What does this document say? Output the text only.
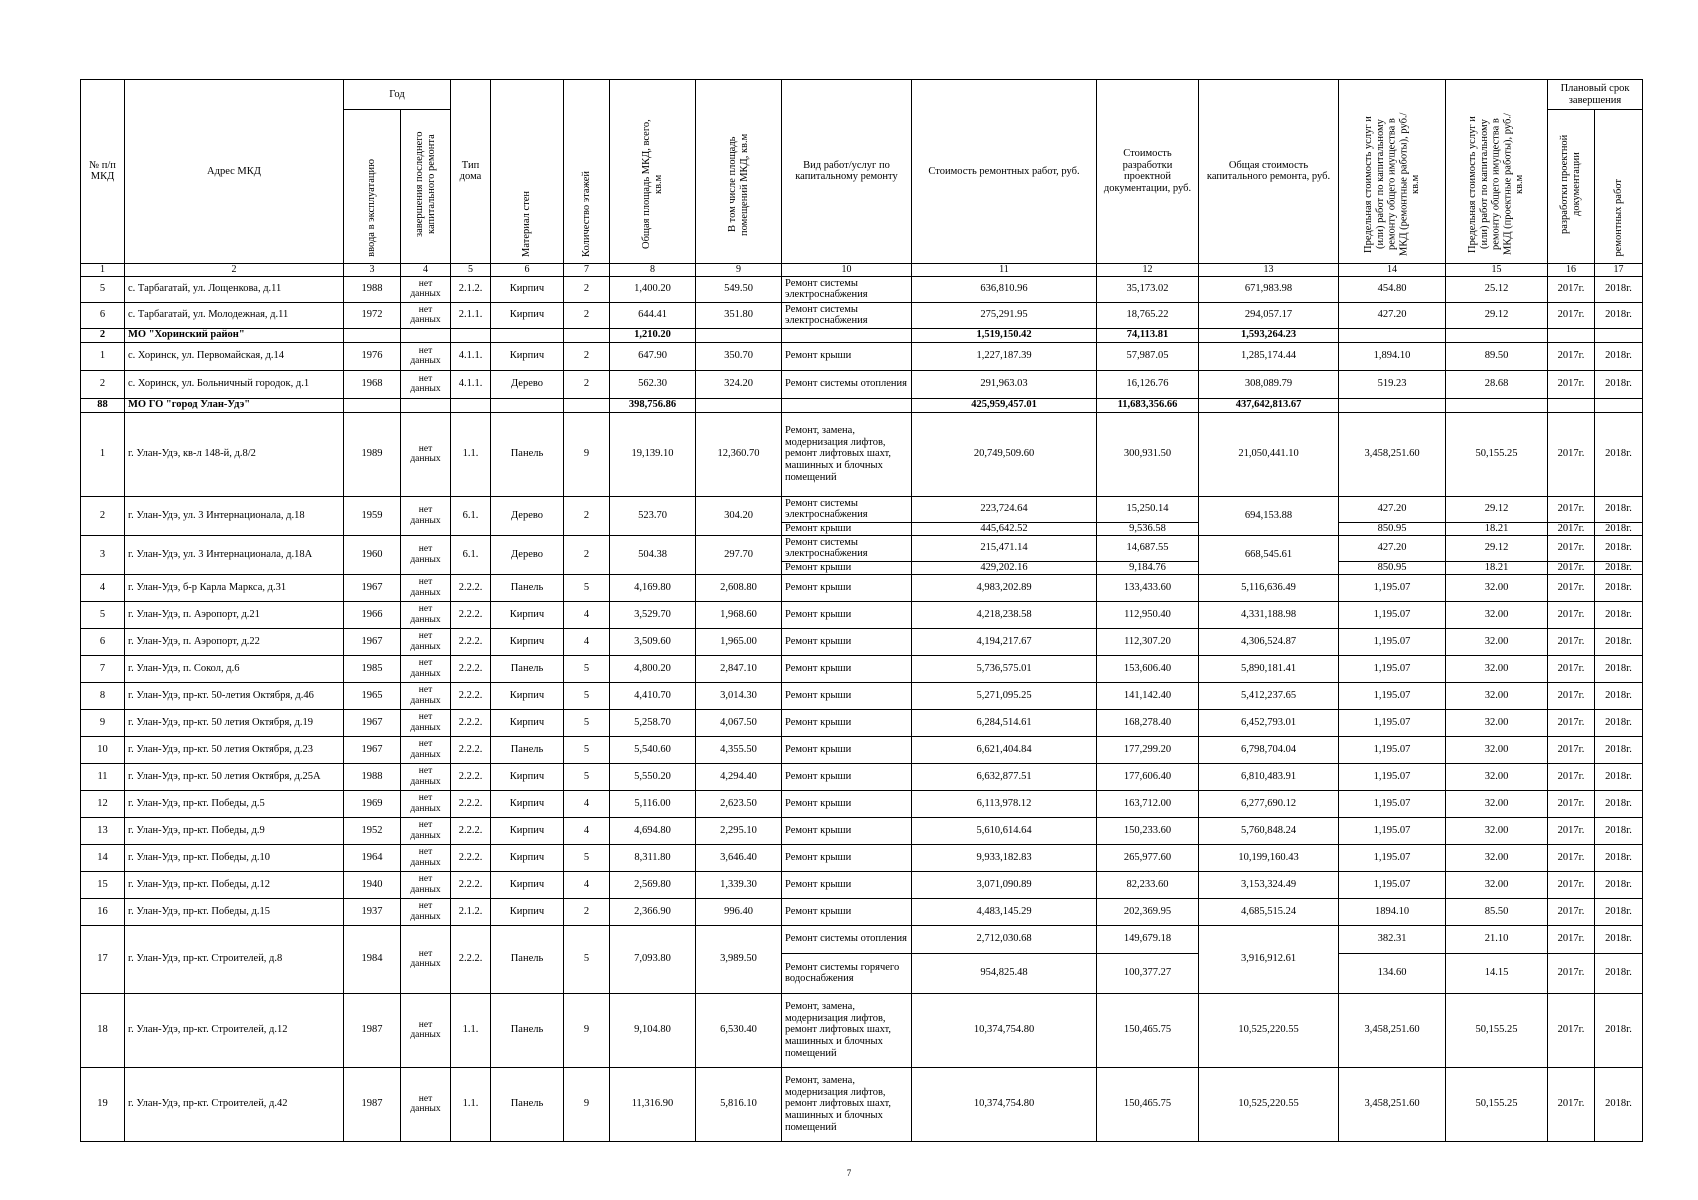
№ п/п МКД	Адрес МКД	Год		Тип дома	Материал стен	Количество этажей	Общая площадь МКД, всего, кв.м	В том числе площадь помещений МКД, кв.м	Вид работ/услуг по капитальному ремонту	Стоимость ремонтных работ, руб.	Стоимость разработки проектной документации, руб.	Общая стоимость капитального ремонта, руб.	Предельная стоимость услуг и (или) работ по капитальному ремонту общего имущества в МКД (ремонтные работы), руб./кв.м	Предельная стоимость услуг и (или) работ по капитальному ремонту общего имущества в МКД (проектные работы), руб./кв.м	Плановый срок завершения	
		ввода в эксплуатацию	завершения последнего капитального ремонта												разработки проектной документации	ремонтных работ
1	2	3	4	5	6	7	8	9	10	11	12	13	14	15	16	17
5	с. Тарбагатай, ул. Лощенкова, д.11	1988	нет данных	2.1.2.	Кирпич	2	1,400.20	549.50	Ремонт системы электроснабжения	636,810.96	35,173.02	671,983.98	454.80	25.12	2017г.	2018г.
6	с. Тарбагатай, ул. Молодежная, д.11	1972	нет данных	2.1.1.	Кирпич	2	644.41	351.80	Ремонт системы электроснабжения	275,291.95	18,765.22	294,057.17	427.20	29.12	2017г.	2018г.
2	МО "Хоринский район"						1,210.20			1,519,150.42	74,113.81	1,593,264.23				
1	с. Хоринск, ул. Первомайская, д.14	1976	нет данных	4.1.1.	Кирпич	2	647.90	350.70	Ремонт крыши	1,227,187.39	57,987.05	1,285,174.44	1,894.10	89.50	2017г.	2018г.
2	с. Хоринск, ул. Больничный городок, д.1	1968	нет данных	4.1.1.	Дерево	2	562.30	324.20	Ремонт системы отопления	291,963.03	16,126.76	308,089.79	519.23	28.68	2017г.	2018г.
88	МО ГО "город Улан-Удэ"						398,756.86			425,959,457.01	11,683,356.66	437,642,813.67				
1	г. Улан-Удэ, кв-л 148-й, д.8/2	1989	нет данных	1.1.	Панель	9	19,139.10	12,360.70	Ремонт, замена, модернизация лифтов, ремонт лифтовых шахт, машинных и блочных помещений	20,749,509.60	300,931.50	21,050,441.10	3,458,251.60	50,155.25	2017г.	2018г.
2	г. Улан-Удэ, ул. 3 Интернационала, д.18	1959	нет данных	6.1.	Дерево	2	523.70	304.20	Ремонт системы электроснабжения	223,724.64	15,250.14	694,153.88	427.20	29.12	2017г.	2018г.
									Ремонт крыши	445,642.52	9,536.58		850.95	18.21	2017г.	2018г.
3	г. Улан-Удэ, ул. 3 Интернационала, д.18А	1960	нет данных	6.1.	Дерево	2	504.38	297.70	Ремонт системы электроснабжения	215,471.14	14,687.55	668,545.61	427.20	29.12	2017г.	2018г.
									Ремонт крыши	429,202.16	9,184.76		850.95	18.21	2017г.	2018г.
4	г. Улан-Удэ, б-р Карла Маркса, д.31	1967	нет данных	2.2.2.	Панель	5	4,169.80	2,608.80	Ремонт крыши	4,983,202.89	133,433.60	5,116,636.49	1,195.07	32.00	2017г.	2018г.
5	г. Улан-Удэ, п. Аэропорт, д.21	1966	нет данных	2.2.2.	Кирпич	4	3,529.70	1,968.60	Ремонт крыши	4,218,238.58	112,950.40	4,331,188.98	1,195.07	32.00	2017г.	2018г.
6	г. Улан-Удэ, п. Аэропорт, д.22	1967	нет данных	2.2.2.	Кирпич	4	3,509.60	1,965.00	Ремонт крыши	4,194,217.67	112,307.20	4,306,524.87	1,195.07	32.00	2017г.	2018г.
7	г. Улан-Удэ, п. Сокол, д.6	1985	нет данных	2.2.2.	Панель	5	4,800.20	2,847.10	Ремонт крыши	5,736,575.01	153,606.40	5,890,181.41	1,195.07	32.00	2017г.	2018г.
8	г. Улан-Удэ, пр-кт. 50-летия Октября, д.46	1965	нет данных	2.2.2.	Кирпич	5	4,410.70	3,014.30	Ремонт крыши	5,271,095.25	141,142.40	5,412,237.65	1,195.07	32.00	2017г.	2018г.
9	г. Улан-Удэ, пр-кт. 50 летия Октября, д.19	1967	нет данных	2.2.2.	Кирпич	5	5,258.70	4,067.50	Ремонт крыши	6,284,514.61	168,278.40	6,452,793.01	1,195.07	32.00	2017г.	2018г.
10	г. Улан-Удэ, пр-кт. 50 летия Октября, д.23	1967	нет данных	2.2.2.	Панель	5	5,540.60	4,355.50	Ремонт крыши	6,621,404.84	177,299.20	6,798,704.04	1,195.07	32.00	2017г.	2018г.
11	г. Улан-Удэ, пр-кт. 50 летия Октября, д.25А	1988	нет данных	2.2.2.	Кирпич	5	5,550.20	4,294.40	Ремонт крыши	6,632,877.51	177,606.40	6,810,483.91	1,195.07	32.00	2017г.	2018г.
12	г. Улан-Удэ, пр-кт. Победы, д.5	1969	нет данных	2.2.2.	Кирпич	4	5,116.00	2,623.50	Ремонт крыши	6,113,978.12	163,712.00	6,277,690.12	1,195.07	32.00	2017г.	2018г.
13	г. Улан-Удэ, пр-кт. Победы, д.9	1952	нет данных	2.2.2.	Кирпич	4	4,694.80	2,295.10	Ремонт крыши	5,610,614.64	150,233.60	5,760,848.24	1,195.07	32.00	2017г.	2018г.
14	г. Улан-Удэ, пр-кт. Победы, д.10	1964	нет данных	2.2.2.	Кирпич	5	8,311.80	3,646.40	Ремонт крыши	9,933,182.83	265,977.60	10,199,160.43	1,195.07	32.00	2017г.	2018г.
15	г. Улан-Удэ, пр-кт. Победы, д.12	1940	нет данных	2.2.2.	Кирпич	4	2,569.80	1,339.30	Ремонт крыши	3,071,090.89	82,233.60	3,153,324.49	1,195.07	32.00	2017г.	2018г.
16	г. Улан-Удэ, пр-кт. Победы, д.15	1937	нет данных	2.1.2.	Кирпич	2	2,366.90	996.40	Ремонт крыши	4,483,145.29	202,369.95	4,685,515.24	1894.10	85.50	2017г.	2018г.
17	г. Улан-Удэ, пр-кт. Строителей, д.8	1984	нет данных	2.2.2.	Панель	5	7,093.80	3,989.50	Ремонт системы отопления	2,712,030.68	149,679.18	3,916,912.61	382.31	21.10	2017г.	2018г.
									Ремонт системы горячего водоснабжения	954,825.48	100,377.27		134.60	14.15	2017г.	2018г.
18	г. Улан-Удэ, пр-кт. Строителей, д.12	1987	нет данных	1.1.	Панель	9	9,104.80	6,530.40	Ремонт, замена, модернизация лифтов, ремонт лифтовых шахт, машинных и блочных помещений	10,374,754.80	150,465.75	10,525,220.55	3,458,251.60	50,155.25	2017г.	2018г.
19	г. Улан-Удэ, пр-кт. Строителей, д.42	1987	нет данных	1.1.	Панель	9	11,316.90	5,816.10	Ремонт, замена, модернизация лифтов, ремонт лифтовых шахт, машинных и блочных помещений	10,374,754.80	150,465.75	10,525,220.55	3,458,251.60	50,155.25	2017г.	2018г.
7
